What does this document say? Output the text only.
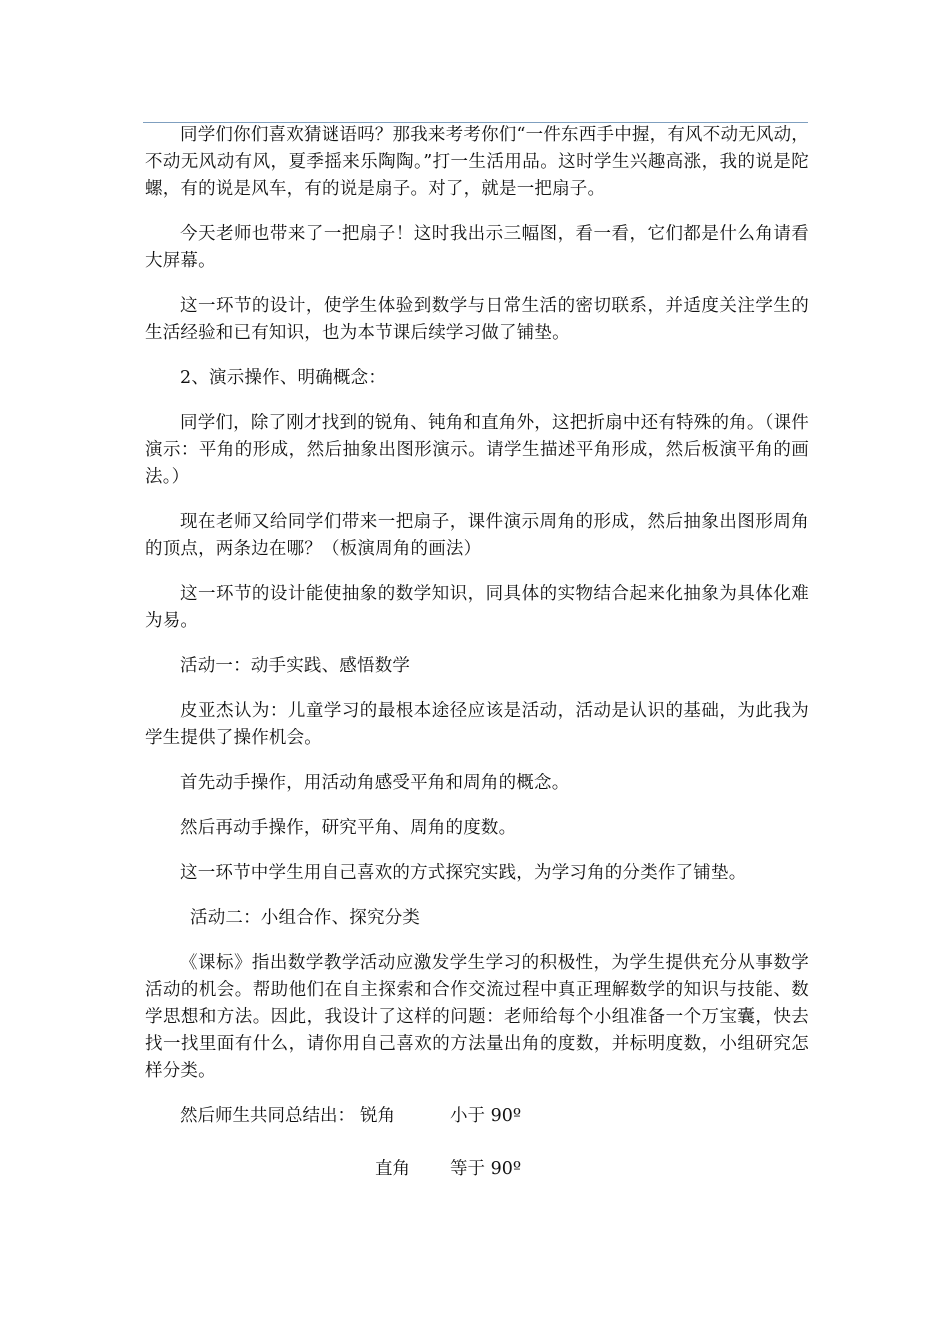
同学们你们喜欢猜谜语吗？那我来考考你们“一件东西手中握，有风不动无风动，不动无风动有风，夏季摇来乐陶陶。”打一生活用品。这时学生兴趣高涨，我的说是陀螺，有的说是风车，有的说是扇子。对了，就是一把扇子。

今天老师也带来了一把扇子！这时我出示三幅图，看一看，它们都是什么角请看大屏幕。

这一环节的设计，使学生体验到数学与日常生活的密切联系，并适度关注学生的生活经验和已有知识，也为本节课后续学习做了铺垫。

2、演示操作、明确概念：

同学们，除了刚才找到的锐角、钝角和直角外，这把折扇中还有特殊的角。（课件演示：平角的形成，然后抽象出图形演示。请学生描述平角形成，然后板演平角的画法。）

现在老师又给同学们带来一把扇子，课件演示周角的形成，然后抽象出图形周角的顶点，两条边在哪？（板演周角的画法）

这一环节的设计能使抽象的数学知识，同具体的实物结合起来化抽象为具体化难为易。

活动一：动手实践、感悟数学

皮亚杰认为：儿童学习的最根本途径应该是活动，活动是认识的基础，为此我为学生提供了操作机会。

首先动手操作，用活动角感受平角和周角的概念。

然后再动手操作，研究平角、周角的度数。

这一环节中学生用自己喜欢的方式探究实践，为学习角的分类作了铺垫。

活动二：小组合作、探究分类

《课标》指出数学教学活动应激发学生学习的积极性，为学生提供充分从事数学活动的机会。帮助他们在自主探索和合作交流过程中真正理解数学的知识与技能、数学思想和方法。因此，我设计了这样的问题：老师给每个小组准备一个万宝囊，快去找一找里面有什么，请你用自己喜欢的方法量出角的度数，并标明度数，小组研究怎样分类。

然后师生共同总结出： 锐角	小于 90º
直角 等于 90º
